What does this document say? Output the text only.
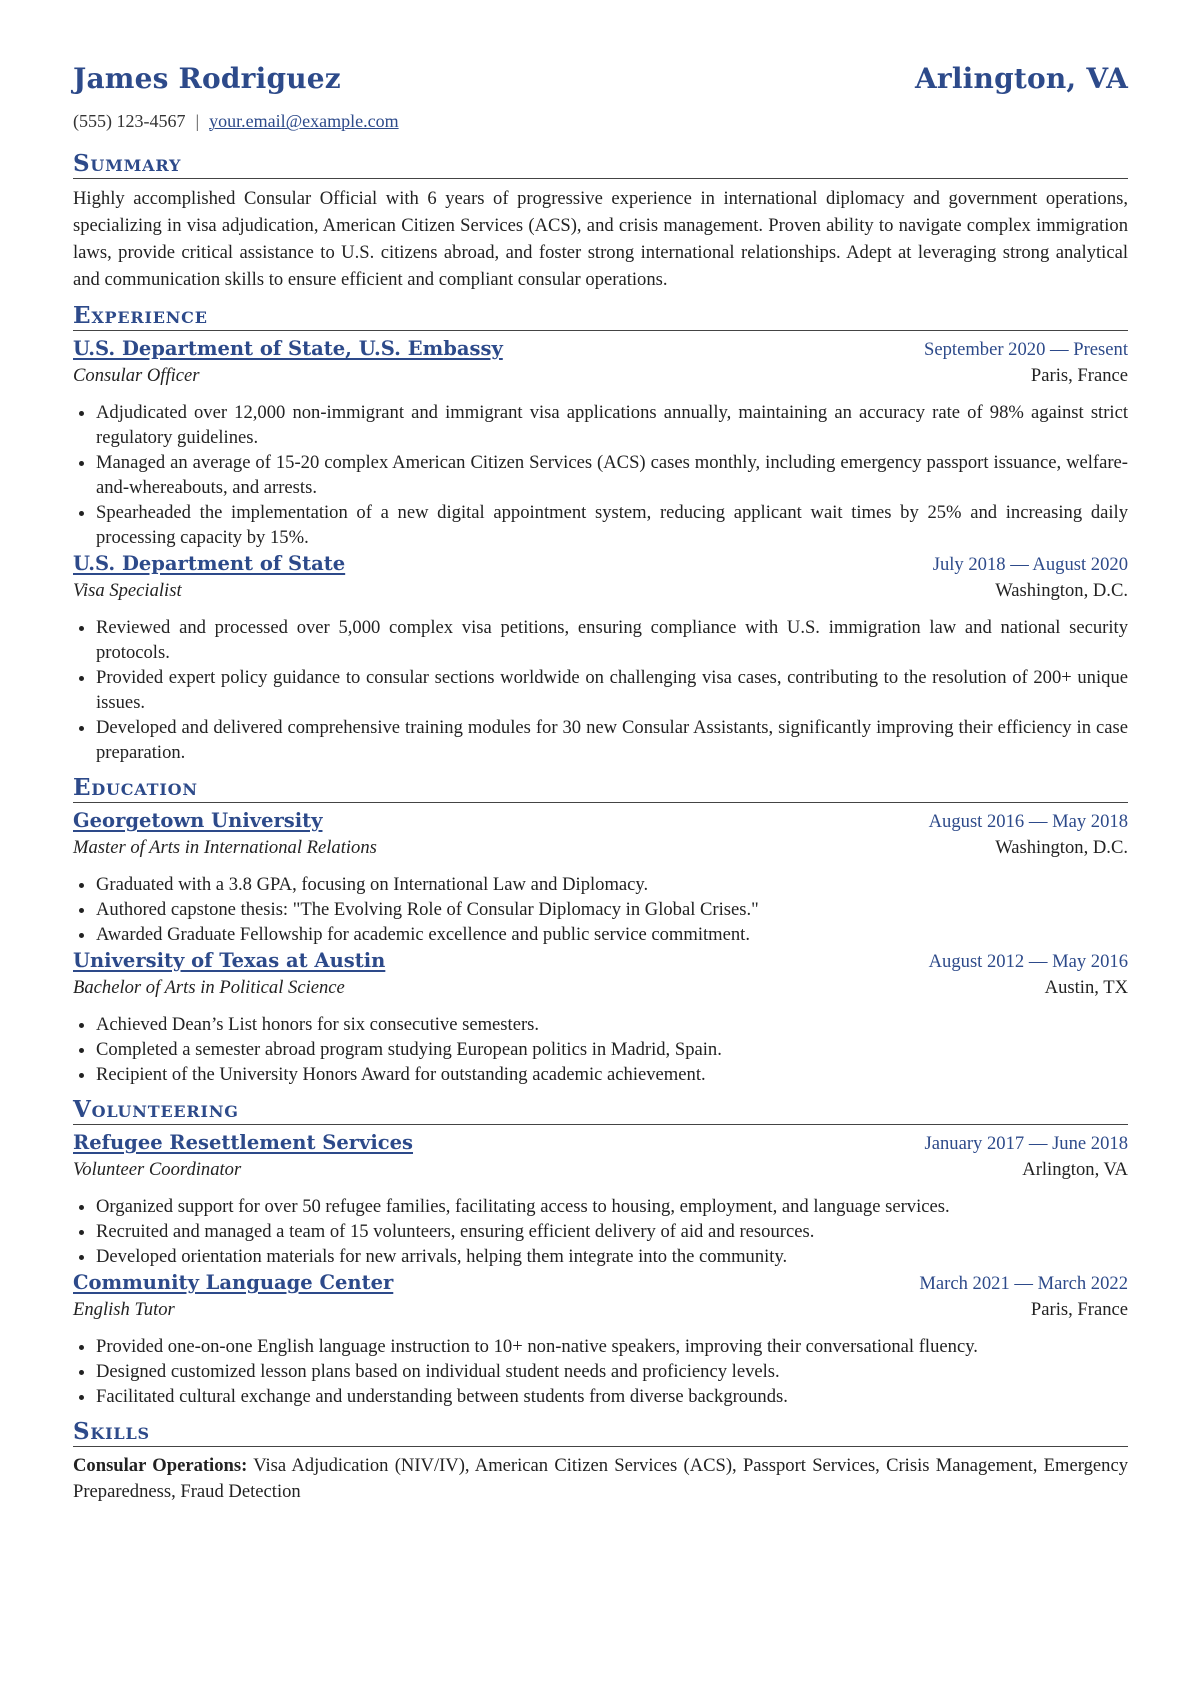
James Rodriguez	Arlington, VA
(555) 123-4567 | your.email@example.com
Summary

Highly accomplished Consular Official with 6 years of progressive experience in international diplomacy and government operations, specializing in visa adjudication, American Citizen Services (ACS), and crisis management. Proven ability to navigate complex immigration laws, provide critical assistance to U.S. citizens abroad, and foster strong international relationships. Adept at leveraging strong analytical and communication skills to ensure efficient and compliant consular operations.

Experience
U.S. Department of State, U.S. Embassy	September 2020 — Present
Consular Officer	Paris, France
Adjudicated over 12,000 non-immigrant and immigrant visa applications annually, maintaining an accuracy rate of 98% against strict regulatory guidelines.
Managed an average of 15-20 complex American Citizen Services (ACS) cases monthly, including emergency passport issuance, welfare-and-whereabouts, and arrests.
Spearheaded the implementation of a new digital appointment system, reducing applicant wait times by 25% and increasing daily processing capacity by 15%.
U.S. Department of State	July 2018 — August 2020
Visa Specialist	Washington, D.C.
Reviewed and processed over 5,000 complex visa petitions, ensuring compliance with U.S. immigration law and national security protocols.
Provided expert policy guidance to consular sections worldwide on challenging visa cases, contributing to the resolution of 200+ unique issues.
Developed and delivered comprehensive training modules for 30 new Consular Assistants, significantly improving their efficiency in case preparation.
Education
Georgetown University	August 2016 — May 2018
Master of Arts in International Relations	Washington, D.C.
Graduated with a 3.8 GPA, focusing on International Law and Diplomacy.
Authored capstone thesis: "The Evolving Role of Consular Diplomacy in Global Crises."
Awarded Graduate Fellowship for academic excellence and public service commitment.
University of Texas at Austin	August 2012 — May 2016
Bachelor of Arts in Political Science	Austin, TX
Achieved Dean’s List honors for six consecutive semesters.
Completed a semester abroad program studying European politics in Madrid, Spain.
Recipient of the University Honors Award for outstanding academic achievement.
Volunteering
Refugee Resettlement Services	January 2017 — June 2018
Volunteer Coordinator	Arlington, VA
Organized support for over 50 refugee families, facilitating access to housing, employment, and language services.
Recruited and managed a team of 15 volunteers, ensuring efficient delivery of aid and resources.
Developed orientation materials for new arrivals, helping them integrate into the community.
Community Language Center	March 2021 — March 2022
English Tutor	Paris, France
Provided one-on-one English language instruction to 10+ non-native speakers, improving their conversational fluency.
Designed customized lesson plans based on individual student needs and proficiency levels.
Facilitated cultural exchange and understanding between students from diverse backgrounds.
Skills
Consular Operations: Visa Adjudication (NIV/IV), American Citizen Services (ACS), Passport Services, Crisis Management, Emergency Preparedness, Fraud Detection
